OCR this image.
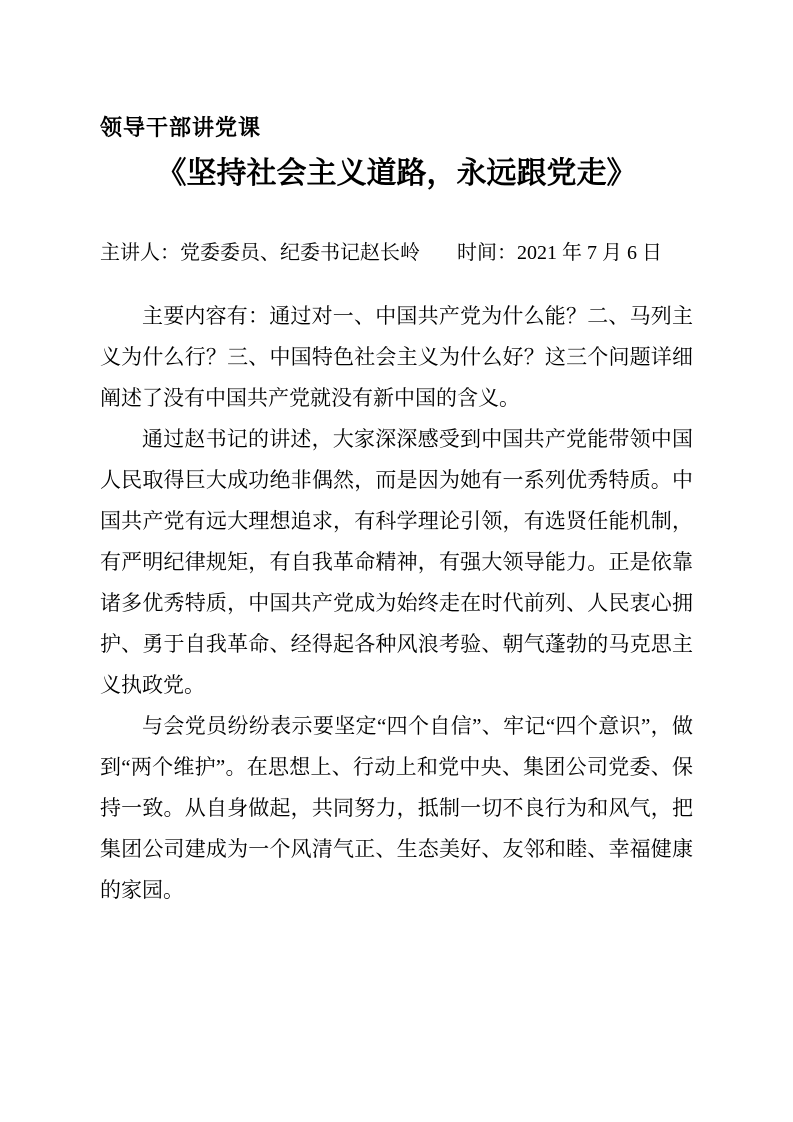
领导干部讲党课
《坚持社会主义道路，永远跟党走》
主讲人：党委委员、纪委书记赵长岭 时间：2021 年 7 月 6 日

主要内容有：通过对一、中国共产党为什么能？二、马列主义为什么行？三、中国特色社会主义为什么好？这三个问题详细阐述了没有中国共产党就没有新中国的含义。

通过赵书记的讲述，大家深深感受到中国共产党能带领中国人民取得巨大成功绝非偶然，而是因为她有一系列优秀特质。中国共产党有远大理想追求，有科学理论引领，有选贤任能机制，有严明纪律规矩，有自我革命精神，有强大领导能力。正是依靠诸多优秀特质，中国共产党成为始终走在时代前列、人民衷心拥护、勇于自我革命、经得起各种风浪考验、朝气蓬勃的马克思主义执政党。

与会党员纷纷表示要坚定“四个自信”、牢记“四个意识”，做到“两个维护”。在思想上、行动上和党中央、集团公司党委、保持一致。从自身做起，共同努力，抵制一切不良行为和风气，把集团公司建成为一个风清气正、生态美好、友邻和睦、幸福健康的家园。
